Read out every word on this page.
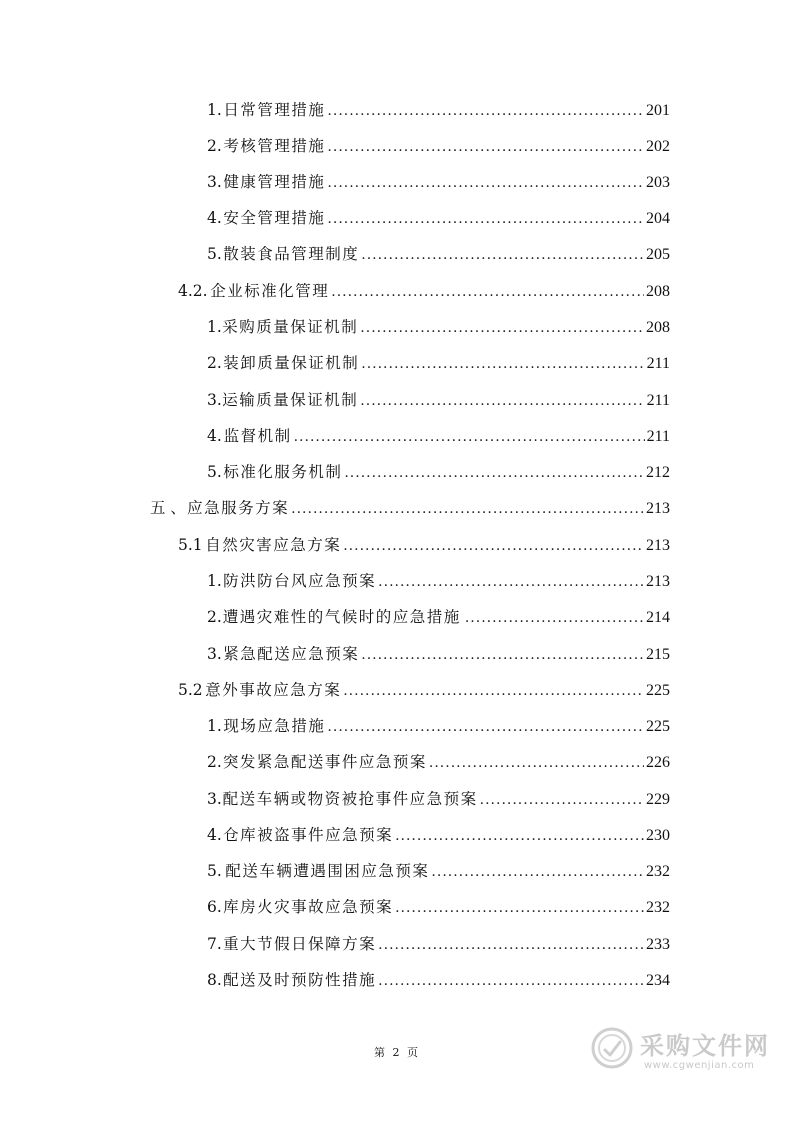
1. 日常管理措施 .....	201
2. 考核管理措施 .....	202
3. 健康管理措施 .....	203
4. 安全管理措施 .....	204
5. 散装食品管理制度 .....	205
4.2. 企业标准化管理 .....	208
1. 采购质量保证机制 .....	208
2. 装卸质量保证机制 .....	211
3. 运输质量保证机制 .....	211
4. 监督机制 .....	211
5. 标准化服务机制 .....	212
五 、 应急服务方案 .....	213
5.1 自然灾害应急方案 .....	213
1. 防洪防台风应急预案 .....	213
2. 遭遇灾难性的气候时的应急措施 .....	214
3. 紧急配送应急预案 .....	215
5.2 意外事故应急方案 .....	225
1. 现场应急措施 .....	225
2. 突发紧急配送事件应急预案 .....	226
3. 配送车辆或物资被抢事件应急预案 .....	229
4. 仓库被盗事件应急预案 .....	230
5. 配送车辆遭遇围困应急预案 .....	232
6. 库房火灾事故应急预案 .....	232
7. 重大节假日保障方案 .....	233
8. 配送及时预防性措施 .....	234
第 2 页	采购文件网
www.cgwenjian.com
